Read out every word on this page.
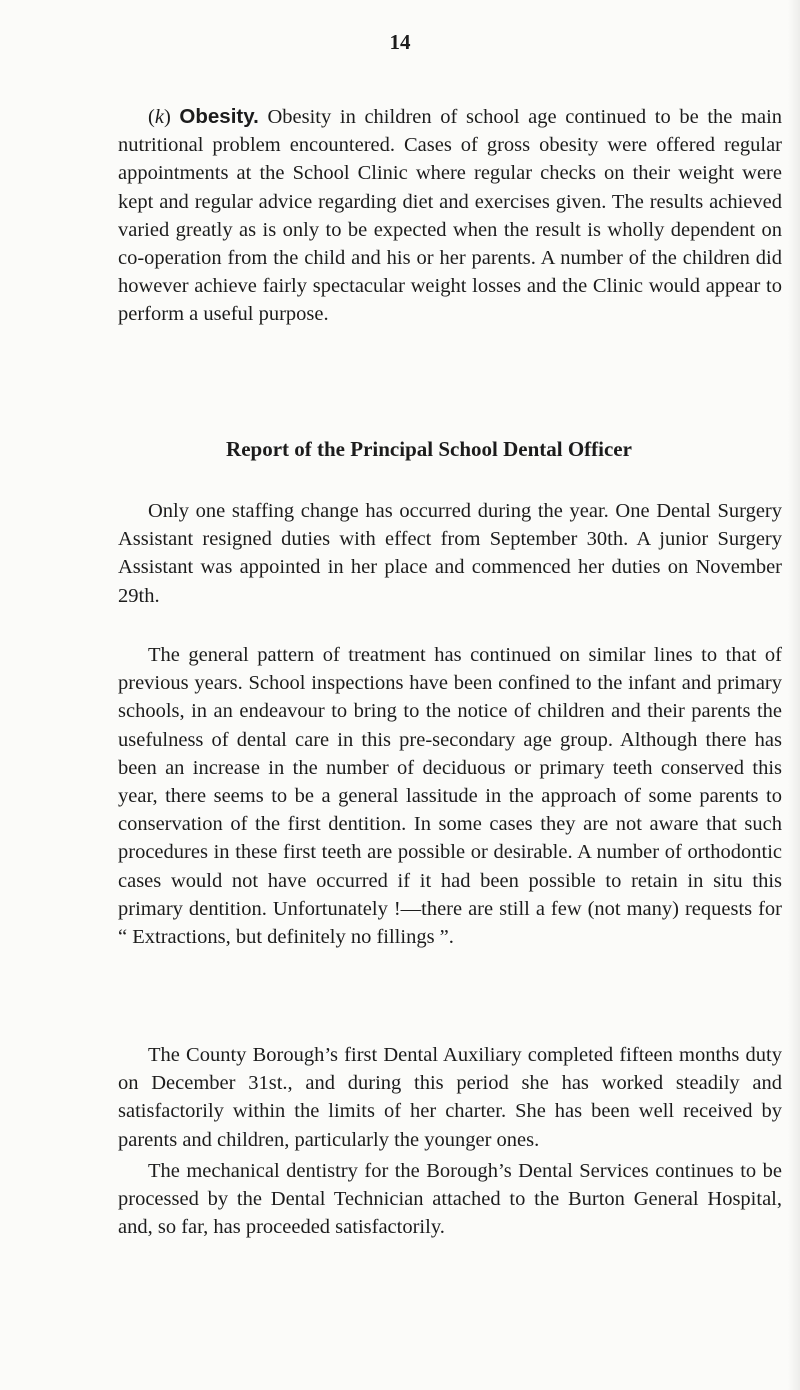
14

(k) Obesity. Obesity in children of school age continued to be the main nutritional problem encountered. Cases of gross obesity were offered regular appointments at the School Clinic where regular checks on their weight were kept and regular advice regarding diet and exercises given. The results achieved varied greatly as is only to be expected when the result is wholly dependent on co-operation from the child and his or her parents. A number of the children did however achieve fairly spectacular weight losses and the Clinic would appear to perform a useful purpose.

Report of the Principal School Dental Officer

Only one staffing change has occurred during the year. One Dental Surgery Assistant resigned duties with effect from September 30th. A junior Surgery Assistant was appointed in her place and commenced her duties on November 29th.

The general pattern of treatment has continued on similar lines to that of previous years. School inspections have been confined to the infant and primary schools, in an endeavour to bring to the notice of children and their parents the usefulness of dental care in this pre-secondary age group. Although there has been an increase in the number of deciduous or primary teeth conserved this year, there seems to be a general lassitude in the approach of some parents to conservation of the first dentition. In some cases they are not aware that such procedures in these first teeth are possible or desirable. A number of orthodontic cases would not have occurred if it had been possible to retain in situ this primary dentition. Unfortunately !—there are still a few (not many) requests for “ Extractions, but definitely no fillings ”.

The County Borough’s first Dental Auxiliary completed fifteen months duty on December 31st., and during this period she has worked steadily and satisfactorily within the limits of her charter. She has been well received by parents and children, particularly the younger ones.

The mechanical dentistry for the Borough’s Dental Services continues to be processed by the Dental Technician attached to the Burton General Hospital, and, so far, has proceeded satisfactorily.
